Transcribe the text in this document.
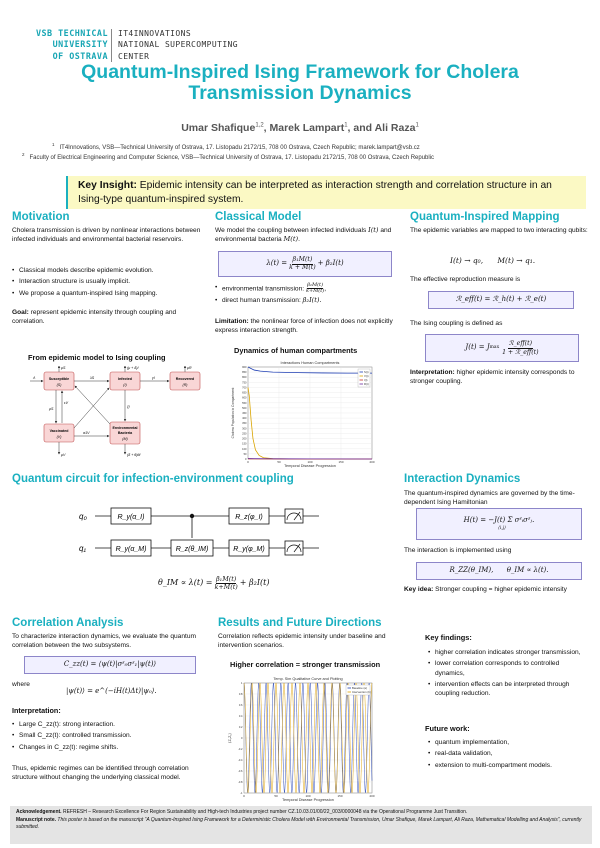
VSB TECHNICAL
UNIVERSITY
OF OSTRAVA
IT4INNOVATIONS
NATIONAL SUPERCOMPUTING
CENTER
Quantum-Inspired Ising Framework for Cholera
Transmission Dynamics
Umar Shafique$^{1,2}$, Marek Lampart$^1$, and Ali Raza$^1$
$^1$IT4Innovations, VSB—Technical University of Ostrava, 17. Listopadu 2172/15, 708 00 Ostrava, Czech Republic; marek.lampart@vsb.cz
$^2$Faculty of Electrical Engineering and Computer Science, VSB—Technical University of Ostrava, 17. Listopadu 2172/15, 708 00 Ostrava, Czech Republic
Key Insight: Epidemic intensity can be interpreted as interaction strength and correlation structure in an Ising-type quantum-inspired system.
Motivation
Cholera transmission is driven by nonlinear interactions between infected individuals and environmental bacterial reservoirs.
• Classical models describe epidemic evolution.
• Interaction structure is usually implicit.
• We propose a quantum-inspired Ising mapping.
Goal: represent epidemic intensity through coupling and correlation.
From epidemic model to Ising coupling
Susceptible
(S)
Infected
(I)
Recovered
(R)
Vaccinated
(V)
Environmental
Bacteria
(M)
Λ
μS	(μ + δ)I	μR
λS	γI
ρS
εV
ξI
σ1V
μV	(δ + θ)M
Classical Model
We model the coupling between infected individuals I(t) and environmental bacteria M(t).
$\lambda(t) = \frac{\text{β₁M(t)}}{k + M(t)} + \beta_2I(t)$
• environmental transmission: $\frac{\text{β₁M(t)}}{k+M(t)}$ ,
• direct human transmission: β₂I(t).
Limitation: the nonlinear force of infection does not explicitly express interaction strength.
Dynamics of human compartments
Interactions Human Compartments
Temporal Disease Progression
Cholera Population in Compartment
0	50	100	150	200
0
50
100
150
200
250
300
350
400
450
500
550
600
650
700
750
800
850
900
S(t)
V(t)
I(t)
R(t)
Quantum-Inspired Mapping
The epidemic variables are mapped to two interacting qubits:
I(t) → q₀,      M(t) → q₁.
The effective reproduction measure is
ℛ_eff(t) = ℛ_h(t) + ℛ_e(t)
The Ising coupling is defined as
J(t) = J max
ℛ_eff(t)
1 + ℛ_eff(t)
Interpretation: higher epidemic intensity corresponds to stronger coupling.
Quantum circuit for infection-environment coupling
q₀
q₁
R_y(α_I)	R_z(φ_I)
R_y(α_M)	R_z(θ_IM)	R_y(φ_M)
θ_IM ∝ $\lambda(t) = \frac{\text{β₁M(t)}}{k+M(t)} + \beta_2I(t)$
Interaction Dynamics
The quantum-inspired dynamics are governed by the time-dependent Ising Hamiltonian
H(t) = −J(t) Σ σᶻᵢσᶻⱼ.
⟨i,j⟩
The interaction is implemented using
R_ZZ(θ_IM),      θ_IM ∝ λ(t).
Key idea: Stronger coupling = higher epidemic intensity
Correlation Analysis
To characterize interaction dynamics, we evaluate the quantum correlation between the two subsystems.
C_zz(t) = ⟨ψ(t)|σᶻ₀σᶻ₁|ψ(t)⟩
where
|ψ(t)⟩ = e^(−iH(t)Δt)|ψ₀⟩.
Interpretation:
• Large C_zz(t): strong interaction.
• Small C_zz(t): controlled transmission.
• Changes in C_zz(t): regime shifts.
Thus, epidemic regimes can be identified through correlation structure without changing the underlying classical model.
Results and Future Directions
Correlation reflects epidemic intensity under baseline and intervention scenarios.
Higher correlation = stronger transmission
Temp. Sim Qualitative Curve and Plotting
Temporal Disease Progression
⟨Z₀Z₁⟩
0	50	100	150	200
-1
-0.8
-0.6
-0.4
-0.2
0
0.2
0.4
0.6
0.8
1
Baseline (a)
Intervention (b)
Key findings:
• higher correlation indicates stronger transmission,
• lower correlation corresponds to controlled dynamics,
• intervention effects can be interpreted through coupling reduction.
Future work:
• quantum implementation,
• real-data validation,
• extension to multi-compartment models.
Acknowledgement. REFRESH – Research Excellence For Region Sustainability and High-tech Industries project number CZ.10.03.01/00/22_003/0000048 via the Operational Programme Just Transition.
Manuscript note. This poster is based on the manuscript “A Quantum-Inspired Ising Framework for a Deterministic Cholera Model with Environmental Transmission, Umar Shafique, Marek Lampart, Ali Raza, Mathematical Modelling and Analysis”, currently submitted.
